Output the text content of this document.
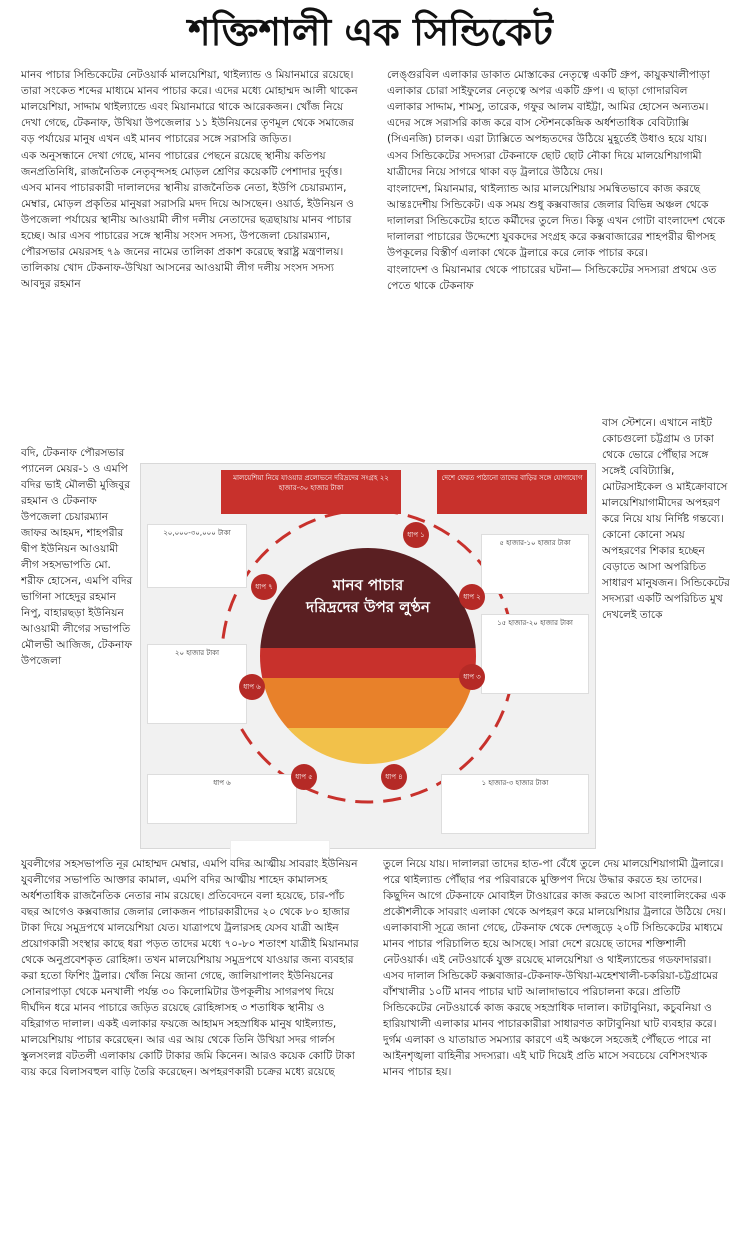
শক্তিশালী এক সিন্ডিকেট

মানব পাচার সিন্ডিকেটের নেটওয়ার্ক মালয়েশিয়া, থাইল্যান্ড ও মিয়ানমারে রয়েছে। তারা সংকেত শব্দের মাধ্যমে মানব পাচার করে। এদের মধ্যে মোহাম্মদ আলী থাকেন মালয়েশিয়া, সাদ্দাম থাইল্যান্ডে এবং মিয়ানমারে থাকে আরেকজন। খোঁজ নিয়ে দেখা গেছে, টেকনাফ, উখিয়া উপজেলার ১১ ইউনিয়নের তৃণমূল থেকে সমাজের বড় পর্যায়ের মানুষ এখন এই মানব পাচারের সঙ্গে সরাসরি জড়িত।

এক অনুসন্ধানে দেখা গেছে, মানব পাচারের পেছনে রয়েছে স্থানীয় কতিপয় জনপ্রতিনিধি, রাজনৈতিক নেতৃবৃন্দসহ মোড়ল শ্রেণির কয়েকটি পেশাদার দুর্বৃত্ত। এসব মানব পাচারকারী দালালদের স্থানীয় রাজনৈতিক নেতা, ইউপি চেয়ারম্যান, মেম্বার, মোড়ল প্রকৃতির মানুষরা সরাসরি মদদ দিয়ে আসছেন। ওয়ার্ড, ইউনিয়ন ও উপজেলা পর্যায়ের স্থানীয় আওয়ামী লীগ দলীয় নেতাদের ছত্রছায়ায় মানব পাচার হচ্ছে। আর এসব পাচারের সঙ্গে স্থানীয় সংসদ সদস্য, উপজেলা চেয়ারম্যান, পৌরসভার মেয়রসহ ৭৯ জনের নামের তালিকা প্রকাশ করেছে স্বরাষ্ট্র মন্ত্রণালয়। তালিকায় খোদ টেকনাফ-উখিয়া আসনের আওয়ামী লীগ দলীয় সংসদ সদস্য আবদুর রহমান

লেঙ্গুরবিল এলাকার ডাকাত মোস্তাকের নেতৃত্বে একটি গ্রুপ, কায়ুকখালীপাড়া এলাকার চোরা সাইফুলের নেতৃত্বে অপর একটি গ্রুপ। এ ছাড়া গোদারবিল এলাকার সাদ্দাম, শামসু, তারেক, গফুর আলম বাইট্টা, আমির হোসেন অন্যতম। এদের সঙ্গে সরাসরি কাজ করে বাস স্টেশনকেন্দ্রিক অর্ধশতাধিক বেবিট্যাক্সি (সিএনজি) চালক। এরা ট্যাক্সিতে অপহৃতদের উঠিয়ে মুহূর্তেই উধাও হয়ে যায়।

এসব সিন্ডিকেটের সদস্যরা টেকনাফে ছোট ছোট নৌকা দিয়ে মালয়েশিয়াগামী যাত্রীদের নিয়ে সাগরে থাকা বড় ট্রলারে উঠিয়ে দেয়।

বাংলাদেশ, মিয়ানমার, থাইল্যান্ড আর মালয়েশিয়ায় সমন্বিতভাবে কাজ করছে আন্তঃদেশীয় সিন্ডিকেট। এক সময় শুধু কক্সবাজার জেলার বিভিন্ন অঞ্চল থেকে দালালরা সিন্ডিকেটের হাতে কর্মীদের তুলে দিত। কিন্তু এখন গোটা বাংলাদেশ থেকে দালালরা পাচারের উদ্দেশ্যে যুবকদের সংগ্রহ করে কক্সবাজারের শাহপরীর দ্বীপসহ উপকূলের বিস্তীর্ণ এলাকা থেকে ট্রলারে করে লোক পাচার করে।

বাংলাদেশ ও মিয়ানমার থেকে পাচারের ঘটনা— সিন্ডিকেটের সদস্যরা প্রথমে ওত পেতে থাকে টেকনাফ

বদি, টেকনাফ পৌরসভার প্যানেল মেয়র-১ ও এমপি বদির ভাই মৌলভী মুজিবুর রহমান ও টেকনাফ উপজেলা চেয়ারম্যান জাফর আহমদ, শাহপরীর দ্বীপ ইউনিয়ন আওয়ামী লীগ সহসভাপতি মো. শরীফ হোসেন, এমপি বদির ভাগিনা সাহেদুর রহমান নিপু, বাহারছড়া ইউনিয়ন আওয়ামী লীগের সভাপতি মৌলভী আজিজ, টেকনাফ উপজেলা

বাস স্টেশনে। এখানে নাইট কোচগুলো চট্টগ্রাম ও ঢাকা থেকে ভোরে পৌঁছার সঙ্গে সঙ্গেই বেবিট্যাক্সি, মোটরসাইকেল ও মাইক্রোবাসে মালয়েশিয়াগামীদের অপহরণ করে নিয়ে যায় নির্দিষ্ট গন্তব্যে। কোনো কোনো সময় অপহরণের শিকার হচ্ছেন বেড়াতে আসা অপরিচিত সাধারণ মানুষজন। সিন্ডিকেটের সদস্যরা একটি অপরিচিত মুখ দেখলেই তাকে

মানব পাচার
দরিদ্রদের উপর লুণ্ঠন
মালয়েশিয়া নিয়ে যাওয়ার প্রলোভনে দরিদ্রদের সংগ্রহ ২২ হাজার-৩০ হাজার টাকা
দেশে ফেরত পাঠানো তাদের বাড়ির সঙ্গে যোগাযোগ
৫ হাজার-১০ হাজার টাকা
১৫ হাজার-২০ হাজার টাকা
২০,০০০-৩০,০০০ টাকা
২০ হাজার টাকা
ধাপ ৬	১ হাজার-৩ হাজার টাকা
ধাপ ১
ধাপ ২
ধাপ ৩
ধাপ ৪
ধাপ ৫
ধাপ ৬
ধাপ ৭

যুবলীগের সহসভাপতি নূর মোহাম্মদ মেম্বার, এমপি বদির আত্মীয় সাবরাং ইউনিয়ন যুবলীগের সভাপতি আক্তার কামাল, এমপি বদির আত্মীয় শাহেদ কামালসহ অর্ধশতাধিক রাজনৈতিক নেতার নাম রয়েছে। প্রতিবেদনে বলা হয়েছে, চার-পাঁচ বছর আগেও কক্সবাজার জেলার লোকজন পাচারকারীদের ২০ থেকে ৮০ হাজার টাকা দিয়ে সমুদ্রপথে মালয়েশিয়া যেত। যাত্রাপথে ট্রলারসহ যেসব যাত্রী আইন প্রয়োগকারী সংস্থার কাছে ধরা পড়ত তাদের মধ্যে ৭০-৮০ শতাংশ যাত্রীই মিয়ানমার থেকে অনুপ্রবেশকৃত রোহিঙ্গা। তখন মালয়েশিয়ায় সমুদ্রপথে যাওয়ার জন্য ব্যবহার করা হতো ফিশিং ট্রলার। খোঁজ নিয়ে জানা গেছে, জালিয়াপালং ইউনিয়নের সোনারপাড়া থেকে মনখালী পর্যন্ত ৩০ কিলোমিটার উপকূলীয় সাগরপথ দিয়ে দীর্ঘদিন ধরে মানব পাচারে জড়িত রয়েছে রোহিঙ্গাসহ ৩ শতাধিক স্থানীয় ও বহিরাগত দালাল। একই এলাকার ফয়জে আহামদ সহস্রাধিক মানুষ থাইল্যান্ড, মালয়েশিয়ায় পাচার করেছেন। আর এর আয় থেকে তিনি উখিয়া সদর গার্লস স্কুলসংলগ্ন বটতলী এলাকায় কোটি টাকার জমি কিনেন। আরও কয়েক কোটি টাকা ব্যয় করে বিলাসবহুল বাড়ি তৈরি করেছেন। অপহরণকারী চক্রের মধ্যে রয়েছে

তুলে নিয়ে যায়। দালালরা তাদের হাত-পা বেঁধে তুলে দেয় মালয়েশিয়াগামী ট্রলারে। পরে থাইল্যান্ড পৌঁছার পর পরিবারকে মুক্তিপণ দিয়ে উদ্ধার করতে হয় তাদের। কিছুদিন আগে টেকনাফে মোবাইল টাওয়ারের কাজ করতে আসা বাংলালিংকের এক প্রকৌশলীকে সাবরাং এলাকা থেকে অপহরণ করে মালয়েশিয়ার ট্রলারে উঠিয়ে দেয়। এলাকাবাসী সূত্রে জানা গেছে, টেকনাফ থেকে দেশজুড়ে ২০টি সিন্ডিকেটের মাধ্যমে মানব পাচার পরিচালিত হয়ে আসছে। সারা দেশে রয়েছে তাদের শক্তিশালী নেটওয়ার্ক। এই নেটওয়ার্কে যুক্ত রয়েছে মালয়েশিয়া ও থাইল্যান্ডের গডফাদাররা। এসব দালাল সিন্ডিকেট কক্সবাজার-টেকনাফ-উখিয়া-মহেশখালী-চকরিয়া-চট্টগ্রামের বাঁশখালীর ১০টি মানব পাচার ঘাট আলাদাভাবে পরিচালনা করে। প্রতিটি সিন্ডিকেটের নেটওয়ার্কে কাজ করছে সহস্রাধিক দালাল। কাটাবুনিয়া, কচুবনিয়া ও হারিয়াখালী এলাকার মানব পাচারকারীরা সাধারণত কাটাবুনিয়া ঘাট ব্যবহার করে। দুর্গম এলাকা ও যাতায়াত সমস্যার কারণে এই অঞ্চলে সহজেই পৌঁছতে পারে না আইনশৃঙ্খলা বাহিনীর সদস্যরা। এই ঘাট দিয়েই প্রতি মাসে সবচেয়ে বেশিসংখ্যক মানব পাচার হয়।
